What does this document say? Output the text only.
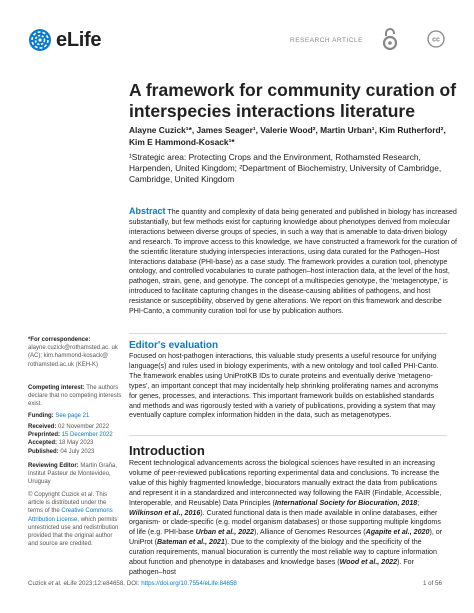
eLife	RESEARCH ARTICLE	cc
A framework for community curation of interspecies interactions literature
Alayne Cuzick¹*, James Seager¹, Valerie Wood², Martin Urban¹, Kim Rutherford², Kim E Hammond-Kosack¹*
¹Strategic area: Protecting Crops and the Environment, Rothamsted Research, Harpenden, United Kingdom; ²Department of Biochemistry, University of Cambridge, Cambridge, United Kingdom
Abstract The quantity and complexity of data being generated and published in biology has increased substantially, but few methods exist for capturing knowledge about phenotypes derived from molecular interactions between diverse groups of species, in such a way that is amenable to data-driven biology and research. To improve access to this knowledge, we have constructed a framework for the curation of the scientific literature studying interspecies interactions, using data curated for the Pathogen–Host Interactions database (PHI-base) as a case study. The framework provides a curation tool, phenotype ontology, and controlled vocabularies to curate pathogen–host interaction data, at the level of the host, pathogen, strain, gene, and genotype. The concept of a multispecies genotype, the 'metagenotype,' is introduced to facilitate capturing changes in the disease-causing abilities of pathogens, and host resistance or susceptibility, observed by gene alterations. We report on this framework and describe PHI-Canto, a community curation tool for use by publication authors.
Editor's evaluation
Focused on host-pathogen interactions, this valuable study presents a useful resource for unifying language(s) and rules used in biology experiments, with a new ontology and tool called PHI-Canto. The framework enables using UniProtKB IDs to curate proteins and eventually derive 'metageno-types', an important concept that may incidentally help shrinking proliferating names and acronyms for genes, processes, and interactions. This important framework builds on established standards and methods and was rigorously tested with a variety of publications, providing a system that may eventually capture complex information hidden in the data, such as metagenotypes.
Introduction
Recent technological advancements across the biological sciences have resulted in an increasing volume of peer-reviewed publications reporting experimental data and conclusions. To increase the value of this highly fragmented knowledge, biocurators manually extract the data from publications and represent it in a standardized and interconnected way following the FAIR (Findable, Accessible, Interoperable, and Reusable) Data Principles (International Society for Biocuration, 2018; Wilkinson et al., 2016). Curated functional data is then made available in online databases, either organism- or clade-specific (e.g. model organism databases) or those supporting multiple kingdoms of life (e.g. PHI-base Urban et al., 2022), Alliance of Genomes Resources (Agapite et al., 2020), or UniProt (Bateman et al., 2021). Due to the complexity of the biology and the specificity of the curation requirements, manual biocuration is currently the most reliable way to capture information about function and phenotype in databases and knowledge bases (Wood et al., 2022). For pathogen–host
*For correspondence:
alayne.cuzick@rothamsted.ac. uk (AC); kim.hammond-kosack@ rothamsted.ac.uk (KEH-K)
Competing interest: The authors declare that no competing interests exist.
Funding: See page 21
Received: 02 November 2022
Preprinted: 15 December 2022
Accepted: 18 May 2023
Published: 04 July 2023
Reviewing Editor: Martin Graña, Institut Pasteur de Montevideo, Uruguay
© Copyright Cuzick et al. This article is distributed under the terms of the Creative Commons Attribution License, which permits unrestricted use and redistribution provided that the original author and source are credited.
Cuzick et al. eLife 2023;12:e84658. DOI: https://doi.org/10.7554/eLife.84658	1 of 56
